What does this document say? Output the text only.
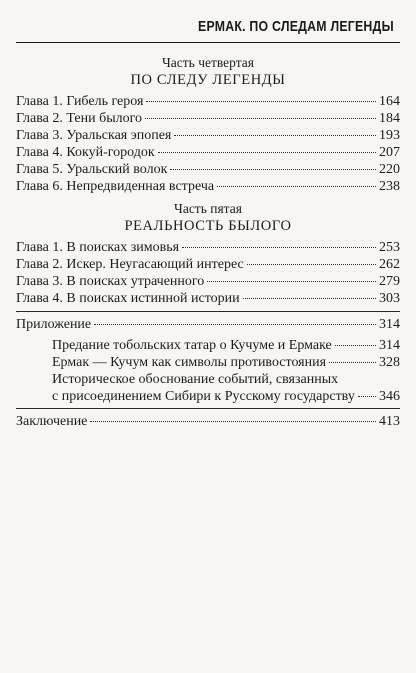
ЕРМАК. ПО СЛЕДАМ ЛЕГЕНДЫ
Часть четвертая
ПО СЛЕДУ ЛЕГЕНДЫ
Глава 1. Гибель героя	164
Глава 2. Тени былого	184
Глава 3. Уральская эпопея	193
Глава 4. Кокуй-городок	207
Глава 5. Уральский волок	220
Глава 6. Непредвиденная встреча	238
Часть пятая
РЕАЛЬНОСТЬ БЫЛОГО
Глава 1. В поисках зимовья	253
Глава 2. Искер. Неугасающий интерес	262
Глава 3. В поисках утраченного	279
Глава 4. В поисках истинной истории	303
Приложение	314
Предание тобольских татар о Кучуме и Ермаке	314
Ермак — Кучум как символы противостояния	328
Историческое обоснование событий, связанных
с присоединением Сибири к Русскому государству 346
Заключение	413
